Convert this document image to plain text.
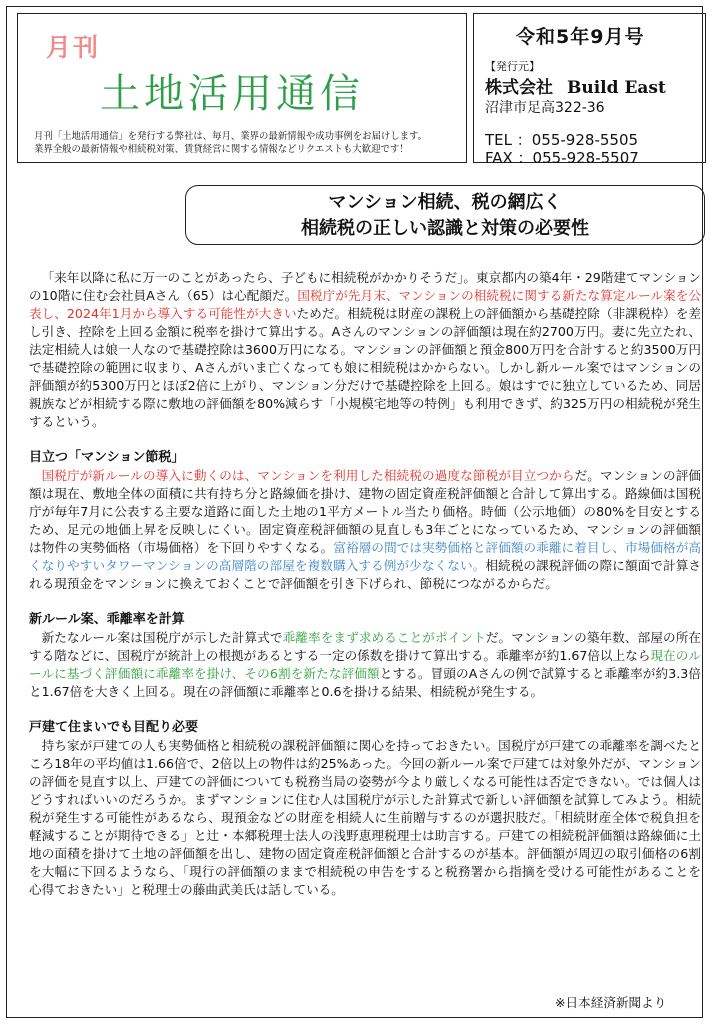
月刊
土地活用通信
月刊「土地活用通信」を発行する弊社は、毎月、業界の最新情報や成功事例をお届けします。
業界全般の最新情報や相続税対策、賃貸経営に関する情報などリクエストも大歓迎です！
令和5年9月号
【発行元】
株式会社 Build East
沼津市足高322-36
TEL ：055-928-5505
FAX ：055-928-5507
マンション相続、税の網広く
相続税の正しい認識と対策の必要性

「来年以降に私に万一のことがあったら、子どもに相続税がかかりそうだ」。東京都内の築4年・29階建てマンションの10階に住む会社員Aさん（65）は心配顔だ。国税庁が先月末、マンションの相続税に関する新たな算定ルール案を公表し、2024年1月から導入する可能性が大きいためだ。相続税は財産の課税上の評価額から基礎控除（非課税枠）を差し引き、控除を上回る金額に税率を掛けて算出する。Aさんのマンションの評価額は現在約2700万円。妻に先立たれ、法定相続人は娘一人なので基礎控除は3600万円になる。マンションの評価額と預金800万円を合計すると約3500万円で基礎控除の範囲に収まり、Aさんがいま亡くなっても娘に相続税はかからない。しかし新ルール案ではマンションの評価額が約5300万円とほぼ2倍に上がり、マンション分だけで基礎控除を上回る。娘はすでに独立しているため、同居親族などが相続する際に敷地の評価額を80%減らす「小規模宅地等の特例」も利用できず、約325万円の相続税が発生するという。

目立つ「マンション節税」

国税庁が新ルールの導入に動くのは、マンションを利用した相続税の過度な節税が目立つからだ。マンションの評価額は現在、敷地全体の面積に共有持ち分と路線価を掛け、建物の固定資産税評価額と合計して算出する。路線価は国税庁が毎年7月に公表する主要な道路に面した土地の1平方メートル当たり価格。時価（公示地価）の80%を目安とするため、足元の地価上昇を反映しにくい。固定資産税評価額の見直しも3年ごとになっているため、マンションの評価額は物件の実勢価格（市場価格）を下回りやすくなる。富裕層の間では実勢価格と評価額の乖離に着目し、市場価格が高くなりやすいタワーマンションの高層階の部屋を複数購入する例が少なくない。相続税の課税評価の際に額面で計算される現預金をマンションに換えておくことで評価額を引き下げられ、節税につながるからだ。

新ルール案、乖離率を計算

新たなルール案は国税庁が示した計算式で乖離率をまず求めることがポイントだ。マンションの築年数、部屋の所在する階などに、国税庁が統計上の根拠があるとする一定の係数を掛けて算出する。乖離率が約1.67倍以上なら現在のルールに基づく評価額に乖離率を掛け、その6割を新たな評価額とする。冒頭のAさんの例で試算すると乖離率が約3.3倍と1.67倍を大きく上回る。現在の評価額に乖離率と0.6を掛ける結果、相続税が発生する。

戸建て住まいでも目配り必要

持ち家が戸建ての人も実勢価格と相続税の課税評価額に関心を持っておきたい。国税庁が戸建ての乖離率を調べたところ18年の平均値は1.66倍で、2倍以上の物件は約25%あった。今回の新ルール案で戸建ては対象外だが、マンションの評価を見直す以上、戸建ての評価についても税務当局の姿勢が今より厳しくなる可能性は否定できない。では個人はどうすればいいのだろうか。まずマンションに住む人は国税庁が示した計算式で新しい評価額を試算してみよう。相続税が発生する可能性があるなら、現預金などの財産を相続人に生前贈与するのが選択肢だ。「相続財産全体で税負担を軽減することが期待できる」と辻・本郷税理士法人の浅野恵理税理士は助言する。戸建ての相続税評価額は路線価に土地の面積を掛けて土地の評価額を出し、建物の固定資産税評価額と合計するのが基本。評価額が周辺の取引価格の6割を大幅に下回るようなら、「現行の評価額のままで相続税の申告をすると税務署から指摘を受ける可能性があることを心得ておきたい」と税理士の藤曲武美氏は話している。

※日本経済新聞より
